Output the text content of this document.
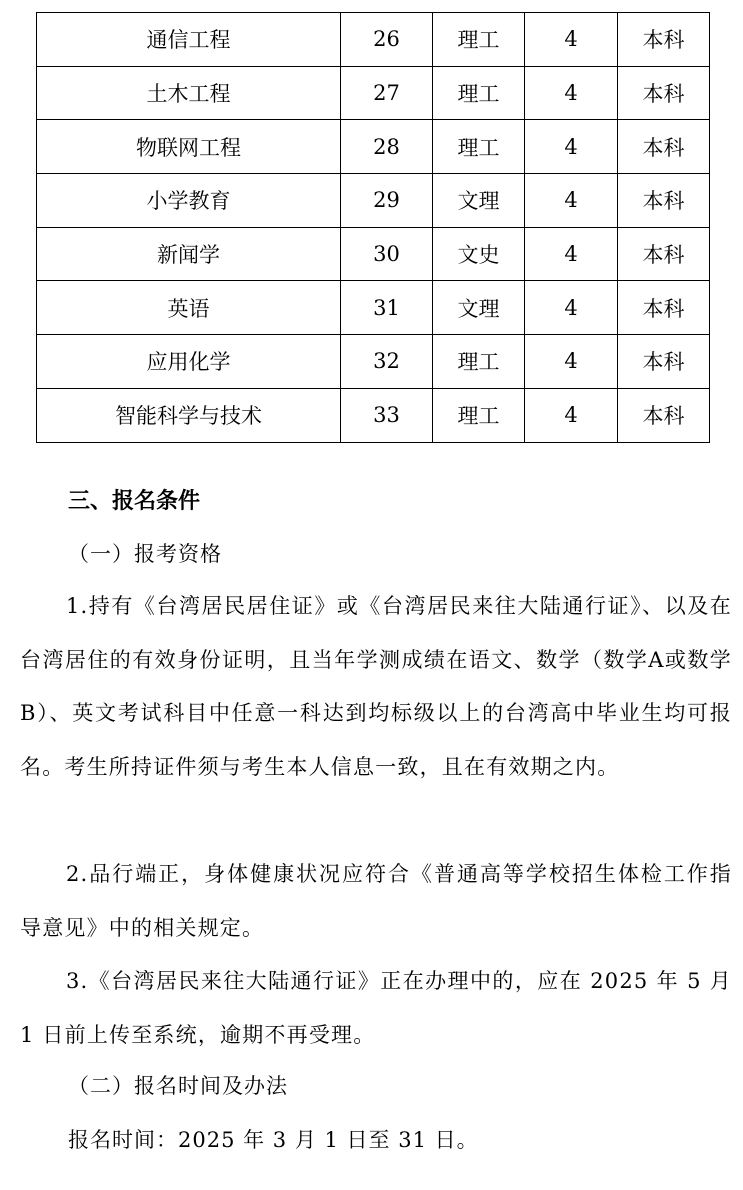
通信工程	26	理工	4	本科
土木工程	27	理工	4	本科
物联网工程	28	理工	4	本科
小学教育	29	文理	4	本科
新闻学	30	文史	4	本科
英语	31	文理	4	本科
应用化学	32	理工	4	本科
智能科学与技术	33	理工	4	本科
三、报名条件
（一）报考资格

1.持有《台湾居民居住证》或《台湾居民来往大陆通行证》、以及在台湾居住的有效身份证明，且当年学测成绩在语文、数学（数学A或数学B）、英文考试科目中任意一科达到均标级以上的台湾高中毕业生均可报名。考生所持证件须与考生本人信息一致，且在有效期之内。

2.品行端正，身体健康状况应符合《普通高等学校招生体检工作指导意见》中的相关规定。

3.《台湾居民来往大陆通行证》正在办理中的，应在 2025 年 5 月 1 日前上传至系统，逾期不再受理。

（二）报名时间及办法
报名时间：2025 年 3 月 1 日至 31 日。
